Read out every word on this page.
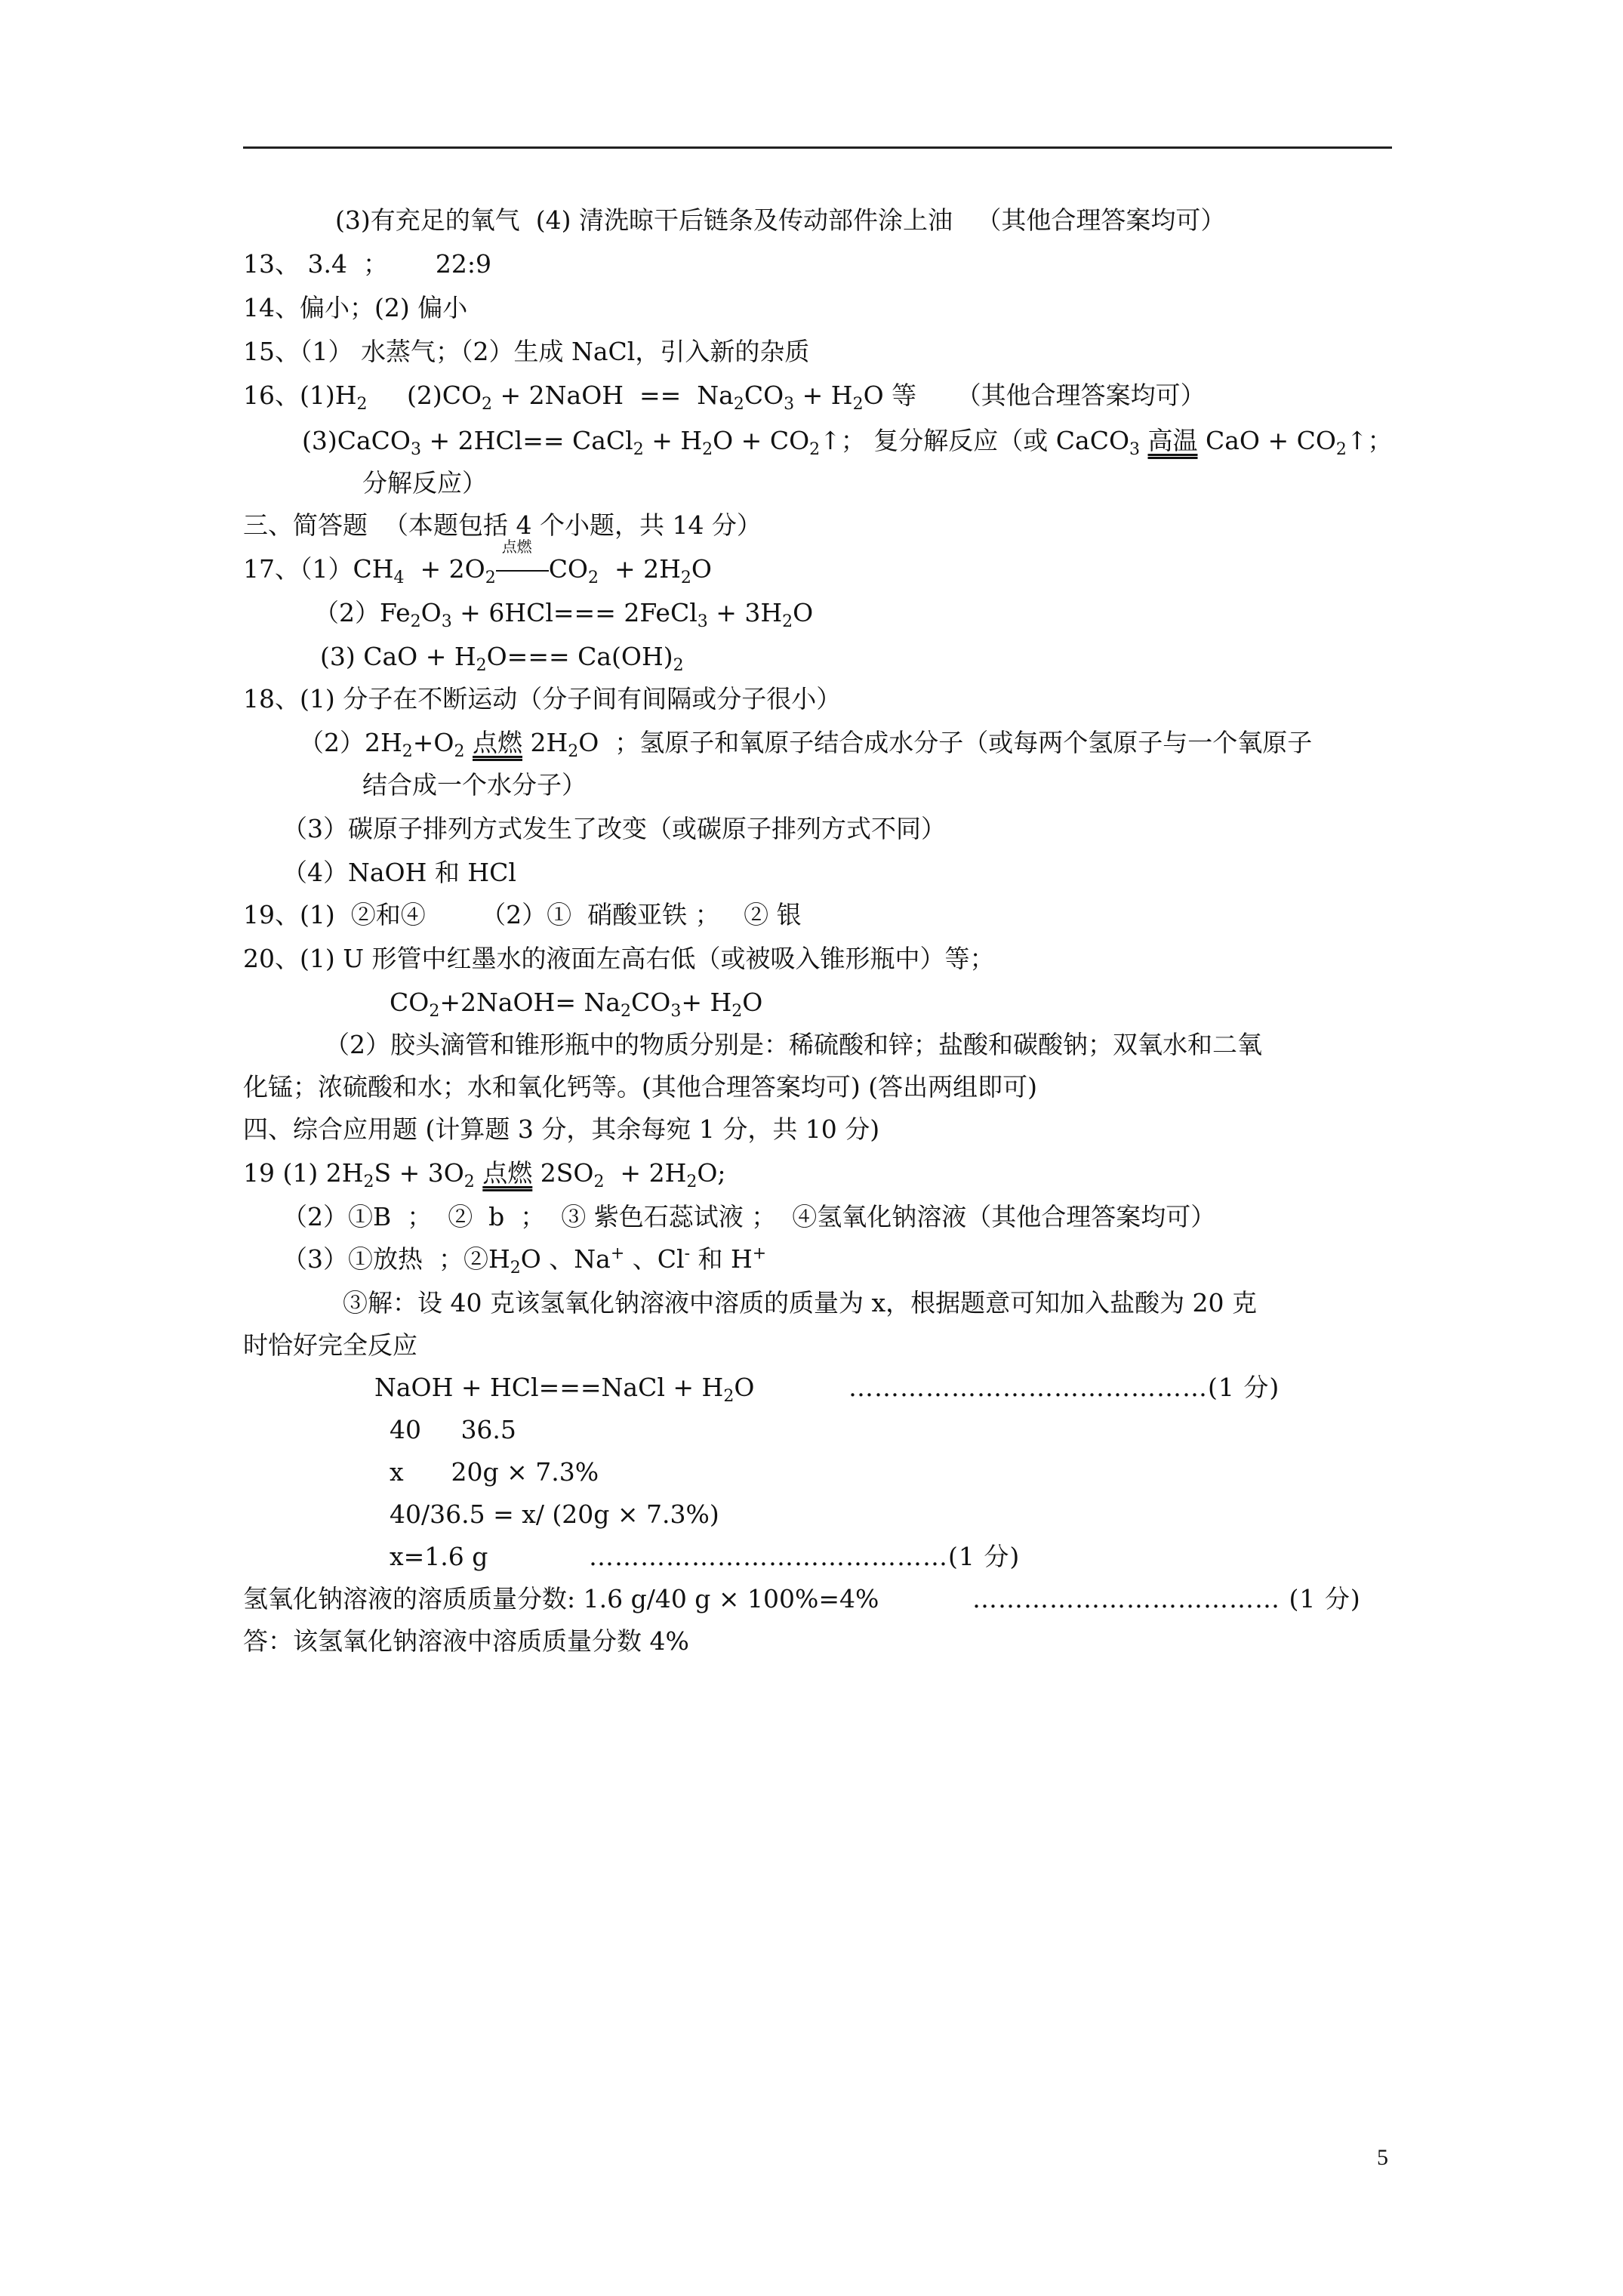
(3)有充足的氧气  (4) 清洗晾干后链条及传动部件涂上油   （其他合理答案均可）
13、 3.4  ；      22:9
14、偏小；(2) 偏小
15、（1） 水蒸气；（2）生成 NaCl，引入新的杂质
16、$(1)H_2$     $(2)CO_2$ + 2NaOH  ==  $Na_2CO_3 + H_2O$ 等     （其他合理答案均可）
(3)CaCO$_3$ + 2HCl== CaCl$_2$ + $H_2O$ + $CO_2↑$； 复分解反应（或 CaCO$_3$ 高温 CaO + $CO_2↑$；
分解反应）
三、简答题  （本题包括 4 个小题，共 14 分）
17、$(1)CH_4 + 2O_2$
点燃
$CO_2 + 2H_2O$
$(2)Fe_2O_3 + 6HCl===$ 2FeCl$_3$ + $3H_2O$
(3) CaO + $H_2O=== Ca(OH)_2$
18、(1) 分子在不断运动（分子间有间隔或分子很小）
$(2)2H_2+O_2$ 点燃 $2H_2O$  ；氢原子和氧原子结合成水分子（或每两个氢原子与一个氧原子
结合成一个水分子）
（3）碳原子排列方式发生了改变（或碳原子排列方式不同）
（4）NaOH 和 HCl
19、(1)  ②和④       （2）①  硝酸亚铁 ；   ② 银
20、(1) U 形管中红墨水的液面左高右低（或被吸入锥形瓶中）等；
$CO_2+2NaOH= Na_2CO_3+ H_2O$
（2）胶头滴管和锥形瓶中的物质分别是：稀硫酸和锌；盐酸和碳酸钠；双氧水和二氧
化锰；浓硫酸和水；水和氧化钙等。(其他合理答案均可) (答出两组即可)
四、综合应用题 (计算题 3 分，其余每宛 1 分，共 10 分)
19 (1) $2H_2S + 3O_2$ 点燃 $2SO_2 + 2H_2O$;
（2）①B  ；  ②  b  ；  ③ 紫色石蕊试液 ；  ④氢氧化钠溶液（其他合理答案均可）
（3）①放热  ；$②H_2O$ 、Na+ 、Cl- 和 H+
③解：设 40 克该氢氧化钠溶液中溶质的质量为 x，根据题意可知加入盐酸为 20 克
时恰好完全反应
NaOH + HCl===NaCl + $H_2O$	……………………………………(1 分)
40     36.5
x      20g × 7.3%
40/36.5 = x/ (20g × 7.3%)
x=1.6 g	……………………………………(1 分)
氢氧化钠溶液的溶质质量分数: 1.6 g/40 g × 100%=4%	……………………………… (1 分)
答：该氢氧化钠溶液中溶质质量分数 4%
5
